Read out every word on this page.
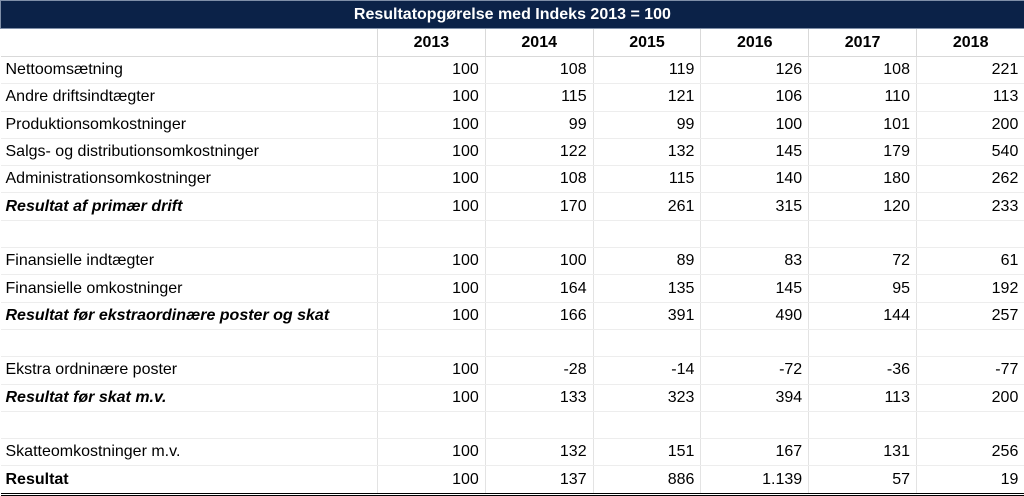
Resultatopgørelse med Indeks 2013 = 100						
	2013	2014	2015	2016	2017	2018
Nettoomsætning	100	108	119	126	108	221
Andre driftsindtægter	100	115	121	106	110	113
Produktionsomkostninger	100	99	99	100	101	200
Salgs- og distributionsomkostninger	100	122	132	145	179	540
Administrationsomkostninger	100	108	115	140	180	262
Resultat af primær drift	100	170	261	315	120	233

Finansielle indtægter	100	100	89	83	72	61
Finansielle omkostninger	100	164	135	145	95	192
Resultat før ekstraordinære poster og skat	100	166	391	490	144	257

Ekstra ordninære poster	100	-28	-14	-72	-36	-77
Resultat før skat m.v.	100	133	323	394	113	200

Skatteomkostninger m.v.	100	132	151	167	131	256
Resultat	100	137	886	1.139	57	19
